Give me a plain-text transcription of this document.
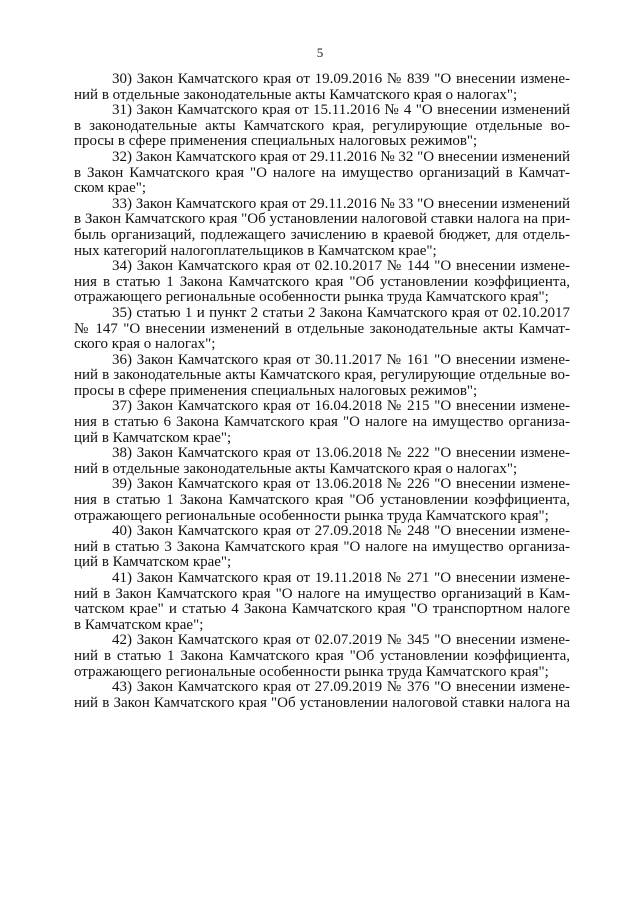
5
30) Закон Камчатского края от 19.09.2016 № 839 "О внесении измене-
ний в отдельные законодательные акты Камчатского края о налогах";
31) Закон Камчатского края от 15.11.2016 № 4 "О внесении изменений
в законодательные акты Камчатского края, регулирующие отдельные во-
просы в сфере применения специальных налоговых режимов";
32) Закон Камчатского края от 29.11.2016 № 32 "О внесении изменений
в Закон Камчатского края "О налоге на имущество организаций в Камчат-
ском крае";
33) Закон Камчатского края от 29.11.2016 № 33 "О внесении изменений
в Закон Камчатского края "Об установлении налоговой ставки налога на при-
быль организаций, подлежащего зачислению в краевой бюджет, для отдель-
ных категорий налогоплательщиков в Камчатском крае";
34) Закон Камчатского края от 02.10.2017 № 144 "О внесении измене-
ния в статью 1 Закона Камчатского края "Об установлении коэффициента,
отражающего региональные особенности рынка труда Камчатского края";
35) статью 1 и пункт 2 статьи 2 Закона Камчатского края от 02.10.2017
№ 147 "О внесении изменений в отдельные законодательные акты Камчат-
ского края о налогах";
36) Закон Камчатского края от 30.11.2017 № 161 "О внесении измене-
ний в законодательные акты Камчатского края, регулирующие отдельные во-
просы в сфере применения специальных налоговых режимов";
37) Закон Камчатского края от 16.04.2018 № 215 "О внесении измене-
ния в статью 6 Закона Камчатского края "О налоге на имущество организа-
ций в Камчатском крае";
38) Закон Камчатского края от 13.06.2018 № 222 "О внесении измене-
ний в отдельные законодательные акты Камчатского края о налогах";
39) Закон Камчатского края от 13.06.2018 № 226 "О внесении измене-
ния в статью 1 Закона Камчатского края "Об установлении коэффициента,
отражающего региональные особенности рынка труда Камчатского края";
40) Закон Камчатского края от 27.09.2018 № 248 "О внесении измене-
ний в статью 3 Закона Камчатского края "О налоге на имущество организа-
ций в Камчатском крае";
41) Закон Камчатского края от 19.11.2018 № 271 "О внесении измене-
ний в Закон Камчатского края "О налоге на имущество организаций в Кам-
чатском крае" и статью 4 Закона Камчатского края "О транспортном налоге
в Камчатском крае";
42) Закон Камчатского края от 02.07.2019 № 345 "О внесении измене-
ний в статью 1 Закона Камчатского края "Об установлении коэффициента,
отражающего региональные особенности рынка труда Камчатского края";
43) Закон Камчатского края от 27.09.2019 № 376 "О внесении измене-
ний в Закон Камчатского края "Об установлении налоговой ставки налога на
